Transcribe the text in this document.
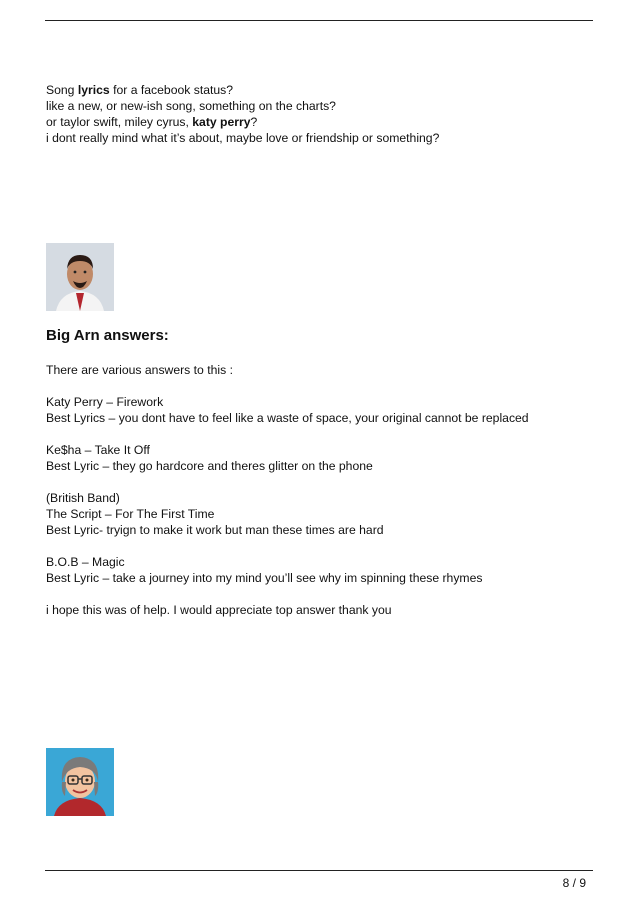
Song lyrics for a facebook status?
like a new, or new-ish song, something on the charts?
or taylor swift, miley cyrus, katy perry?
i dont really mind what it’s about, maybe love or friendship or something?
Big Arn answers:
There are various answers to this :
Katy Perry – Firework
Best Lyrics – you dont have to feel like a waste of space, your original cannot be replaced
Ke$ha – Take It Off
Best Lyric – they go hardcore and theres glitter on the phone
(British Band)
The Script – For The First Time
Best Lyric- tryign to make it work but man these times are hard
B.O.B – Magic
Best Lyric – take a journey into my mind you’ll see why im spinning these rhymes
i hope this was of help. I would appreciate top answer thank you
8 / 9
